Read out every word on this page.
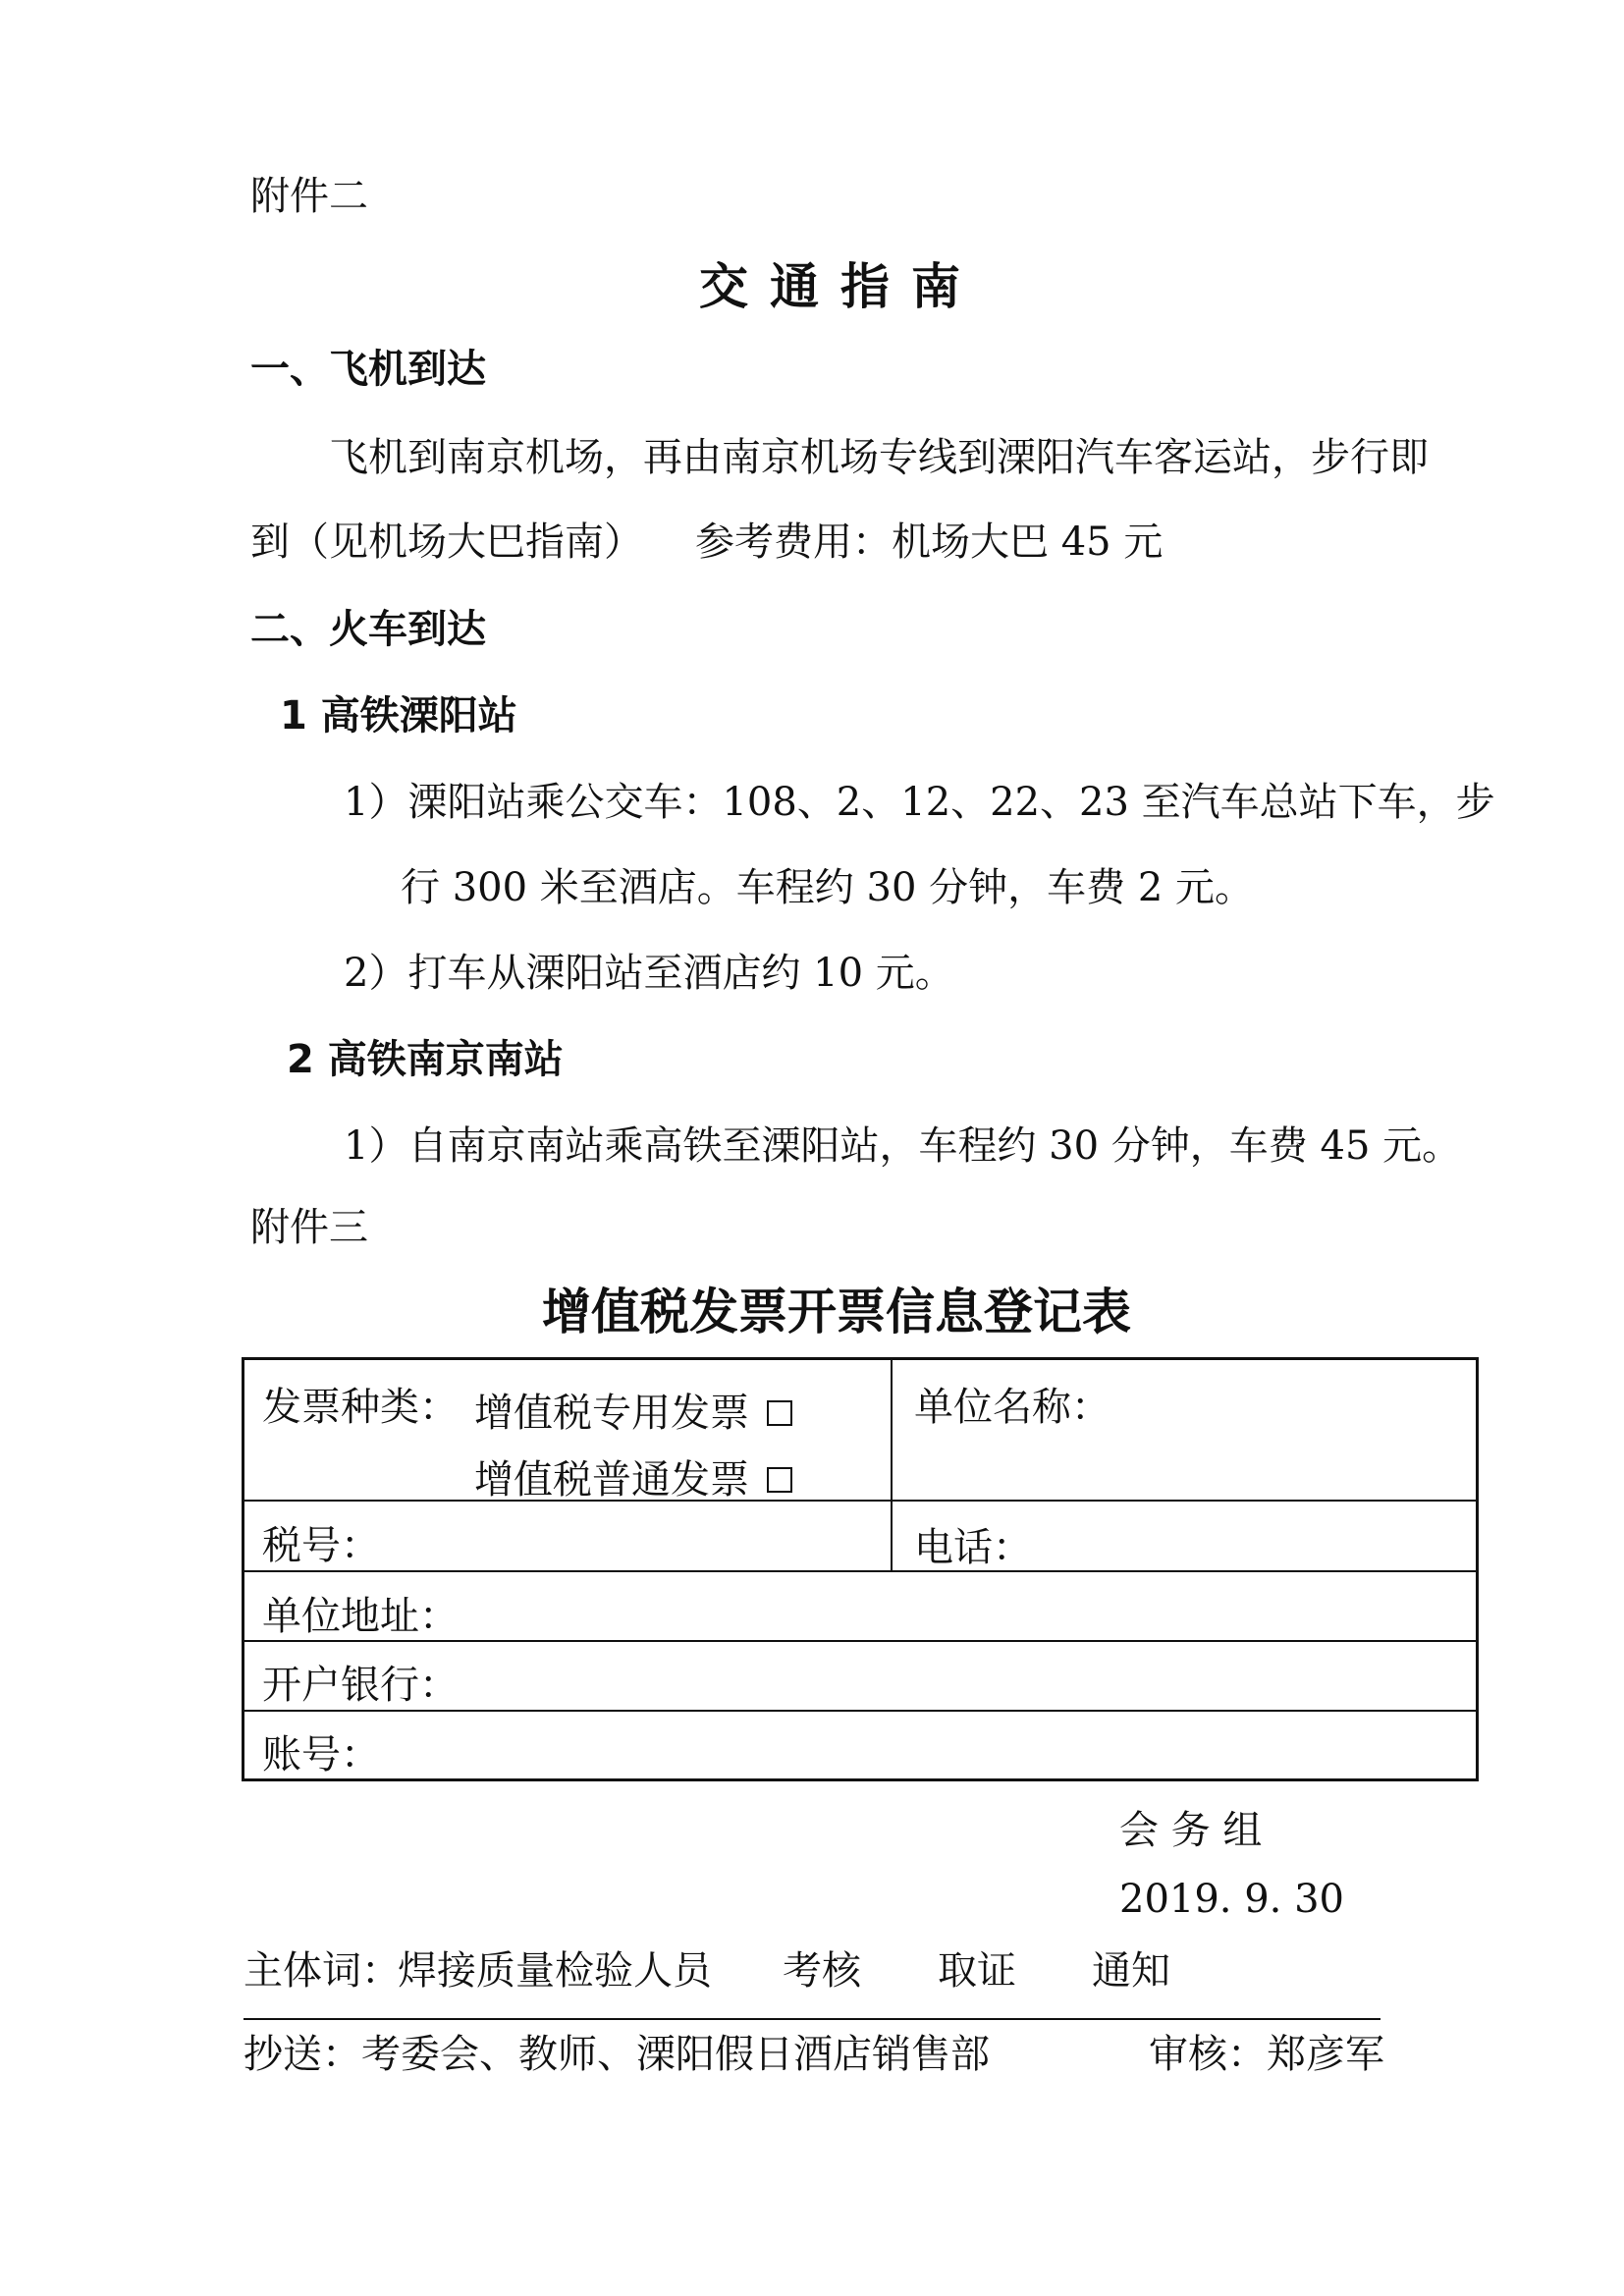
附件二
交通指南
一、飞机到达
飞机到南京机场，再由南京机场专线到溧阳汽车客运站，步行即
到（见机场大巴指南） 参考费用：机场大巴 45 元
二、火车到达
1 高铁溧阳站
1）溧阳站乘公交车：108、2、12、22、23 至汽车总站下车，步
行 300 米至酒店。车程约 30 分钟，车费 2 元。
2）打车从溧阳站至酒店约 10 元。
2 高铁南京南站
1）自南京南站乘高铁至溧阳站，车程约 30 分钟，车费 45 元。
附件三
增值税发票开票信息登记表
发票种类： 增值税专用发票
增值税普通发票
单位名称：
税号：	电话：
单位地址：
开户银行：
账号：
会 务 组
2019. 9. 30
主体词：
焊接质量检验人员 考核 取证 通知
抄送：考委会、教师、溧阳假日酒店销售部	审核：郑彦军
